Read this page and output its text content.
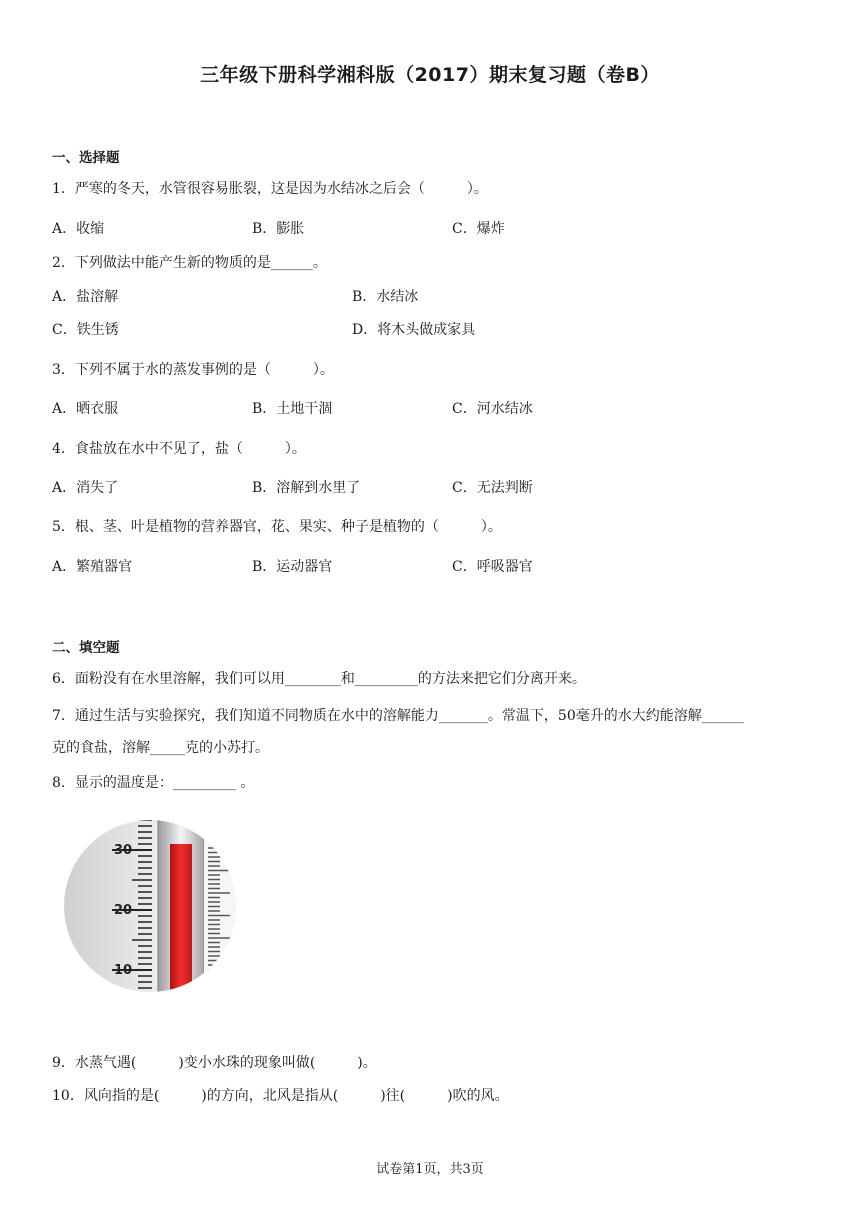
三年级下册科学湘科版（2017）期末复习题（卷B）
一、选择题
1．严寒的冬天，水管很容易胀裂，这是因为水结冰之后会（　　　）。
A．收缩	B．膨胀	C．爆炸
2．下列做法中能产生新的物质的是______。
A．盐溶解	B．水结冰
C．铁生锈	D．将木头做成家具
3．下列不属于水的蒸发事例的是（　　　）。
A．晒衣服	B．土地干涸	C．河水结冰
4．食盐放在水中不见了，盐（　　　）。
A．消失了	B．溶解到水里了	C．无法判断
5．根、茎、叶是植物的营养器官，花、果实、种子是植物的（　　　）。
A．繁殖器官	B．运动器官	C．呼吸器官
二、填空题
6．面粉没有在水里溶解，我们可以用________和_________的方法来把它们分离开来。
7．通过生活与实验探究，我们知道不同物质在水中的溶解能力_______。常温下，50毫升的水大约能溶解______
克的食盐，溶解_____克的小苏打。
8．显示的温度是：_________ 。
30
20
10
9．水蒸气遇(　　　)变小水珠的现象叫做(　　　)。
10．风向指的是(　　　)的方向，北风是指从(　　　)往(　　　)吹的风。
试卷第1页，共3页
